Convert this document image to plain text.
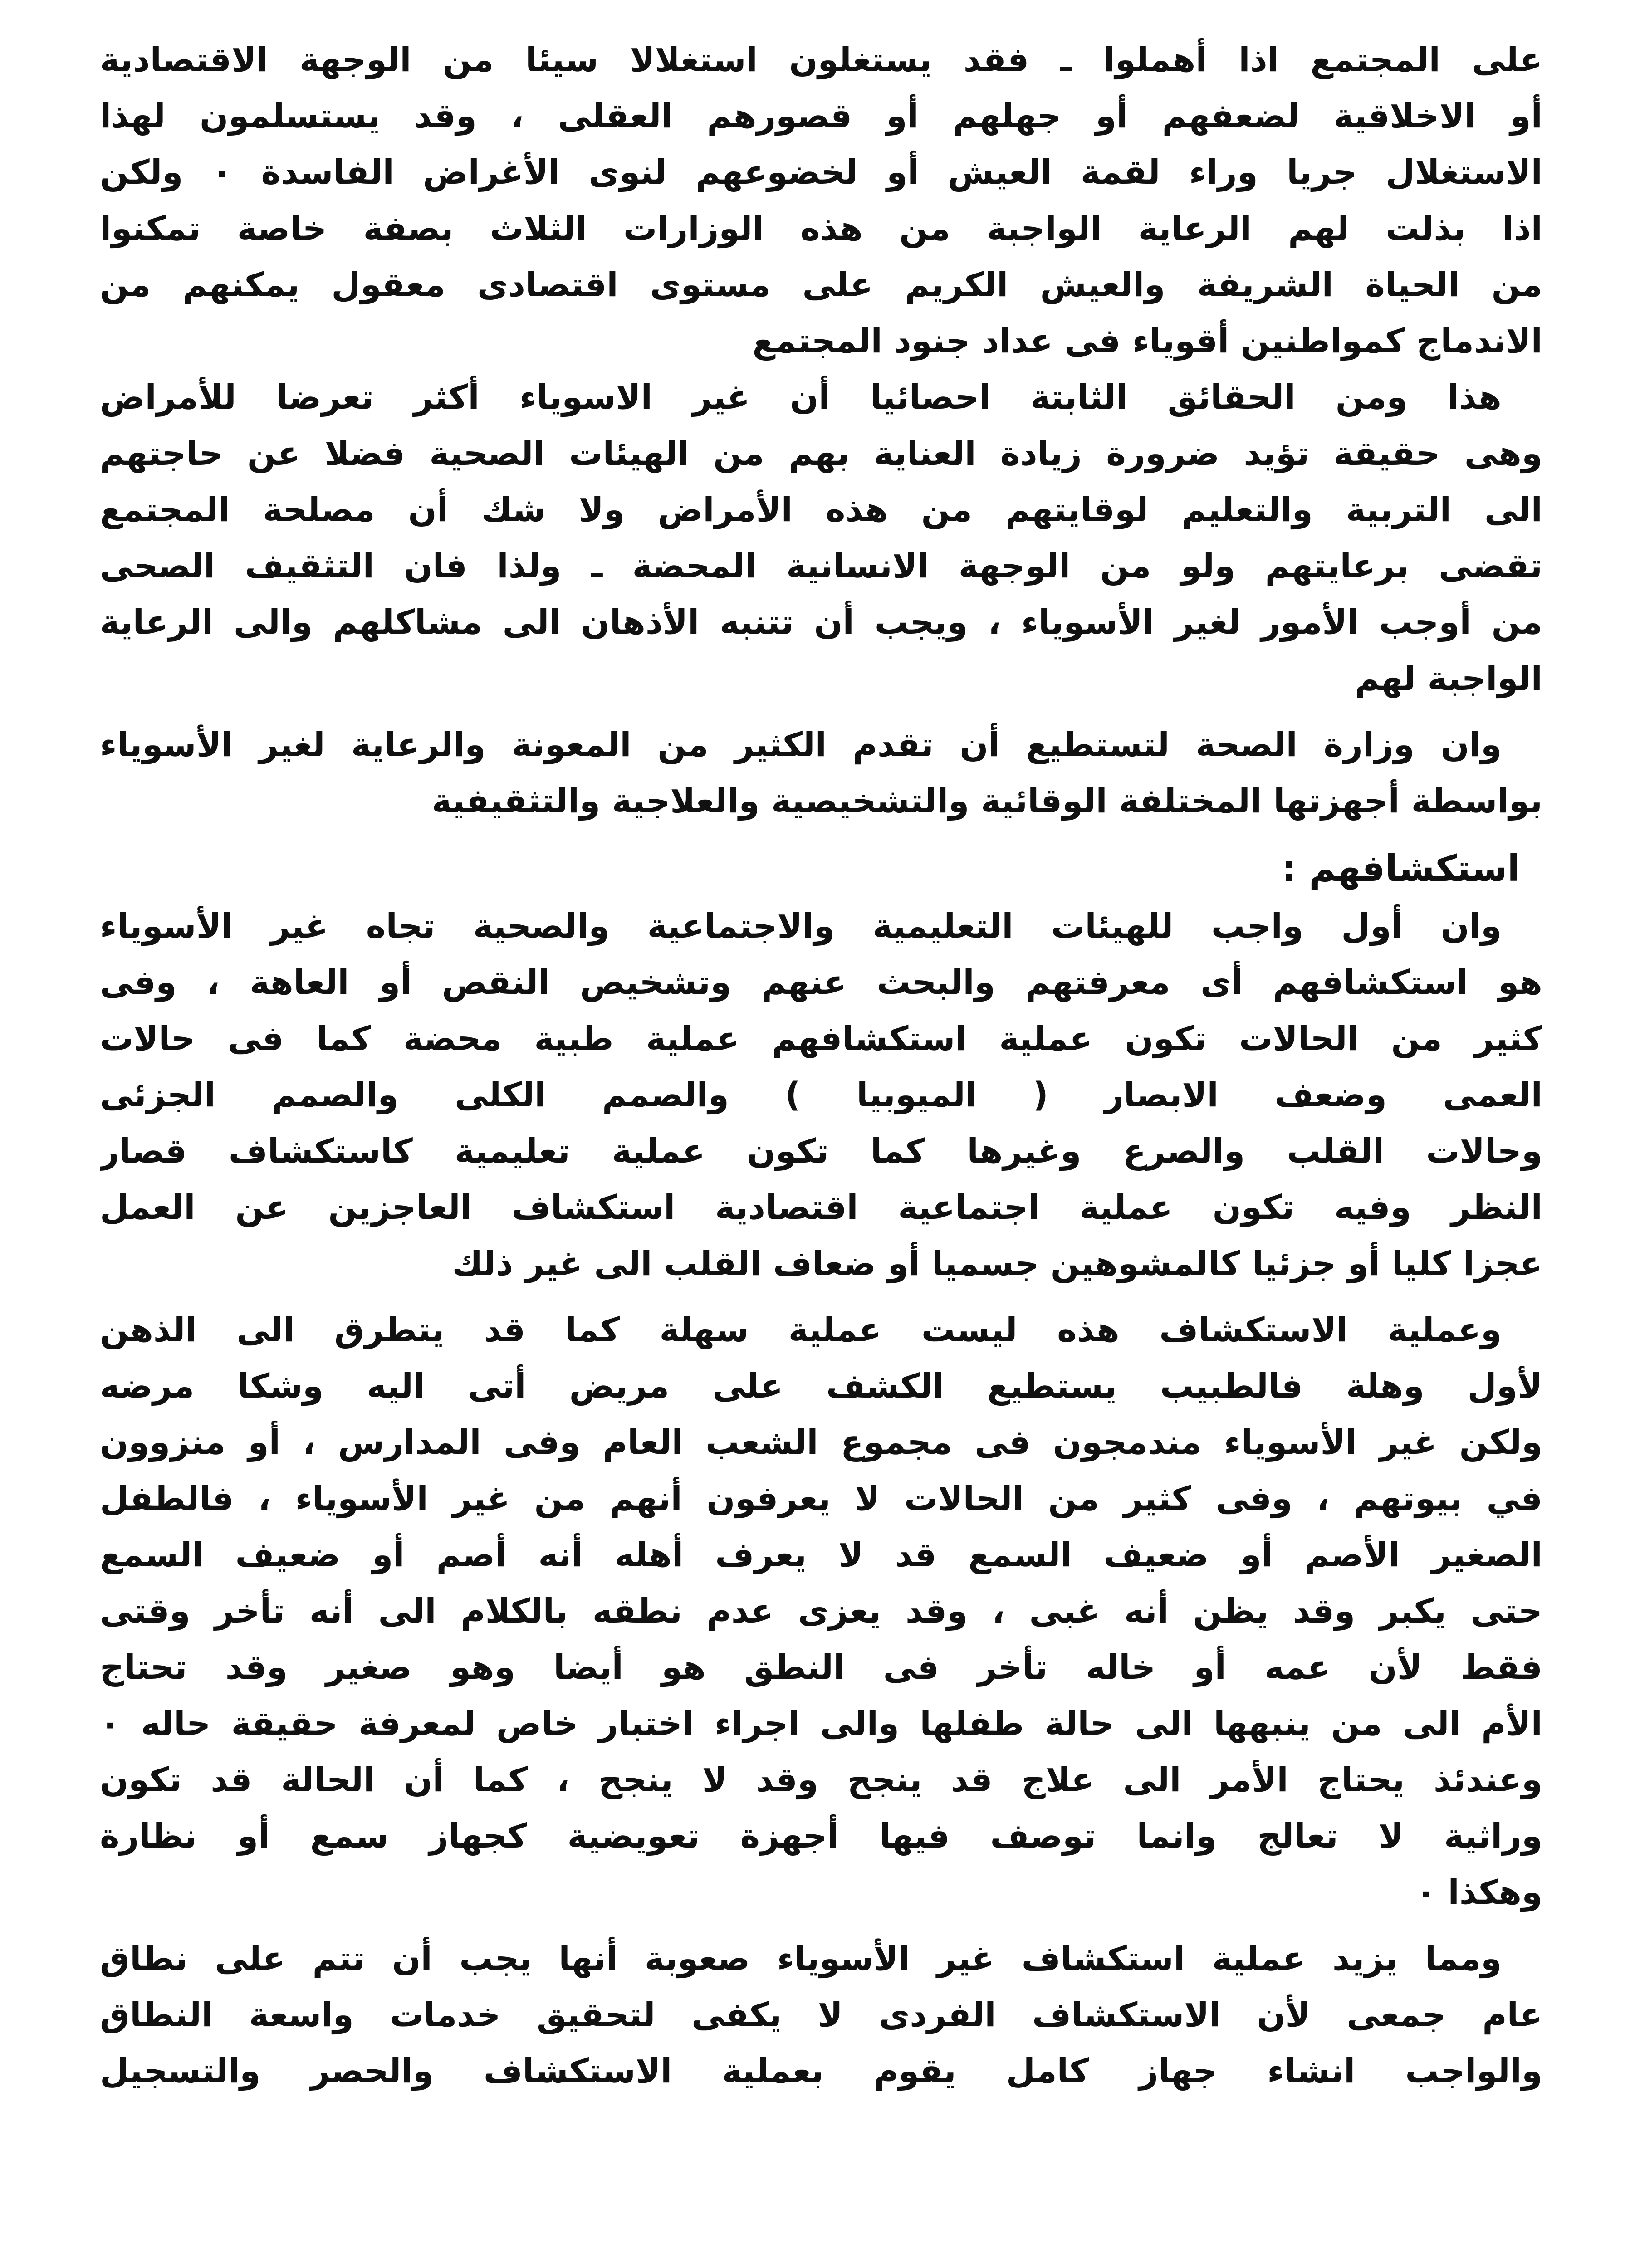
على المجتمع اذا أهملوا ـ فقد يستغلون استغلالا سيئا من الوجهة الاقتصادية
أو الاخلاقية لضعفهم أو جهلهم أو قصورهم العقلى ، وقد يستسلمون لهذا
الاستغلال جريا وراء لقمة العيش أو لخضوعهم لنوى الأغراض الفاسدة ٠ ولكن
اذا بذلت لهم الرعاية الواجبة من هذه الوزارات الثلاث بصفة خاصة تمكنوا
من الحياة الشريفة والعيش الكريم على مستوى اقتصادى معقول يمكنهم من
الاندماج كمواطنين أقوياء فى عداد جنود المجتمع
هذا ومن الحقائق الثابتة احصائيا أن غير الاسوياء أكثر تعرضا للأمراض
وهى حقيقة تؤيد ضرورة زيادة العناية بهم من الهيئات الصحية فضلا عن حاجتهم
الى التربية والتعليم لوقايتهم من هذه الأمراض ولا شك أن مصلحة المجتمع
تقضى برعايتهم ولو من الوجهة الانسانية المحضة ـ ولذا فان التثقيف الصحى
من أوجب الأمور لغير الأسوياء ، ويجب أن تتنبه الأذهان الى مشاكلهم والى الرعاية
الواجبة لهم
وان وزارة الصحة لتستطيع أن تقدم الكثير من المعونة والرعاية لغير الأسوياء
بواسطة أجهزتها المختلفة الوقائية والتشخيصية والعلاجية والتثقيفية
استكشافهم :
وان أول واجب للهيئات التعليمية والاجتماعية والصحية تجاه غير الأسوياء
هو استكشافهم أى معرفتهم والبحث عنهم وتشخيص النقص أو العاهة ، وفى
كثير من الحالات تكون عملية استكشافهم عملية طبية محضة كما فى حالات
العمى وضعف الابصار ( الميوبيا ) والصمم الكلى والصمم الجزئى
وحالات القلب والصرع وغيرها كما تكون عملية تعليمية كاستكشاف قصار
النظر وفيه تكون عملية اجتماعية اقتصادية استكشاف العاجزين عن العمل
عجزا كليا أو جزئيا كالمشوهين جسميا أو ضعاف القلب الى غير ذلك
وعملية الاستكشاف هذه ليست عملية سهلة كما قد يتطرق الى الذهن
لأول وهلة فالطبيب يستطيع الكشف على مريض أتى اليه وشكا مرضه
ولكن غير الأسوياء مندمجون فى مجموع الشعب العام وفى المدارس ، أو منزوون
في بيوتهم ، وفى كثير من الحالات لا يعرفون أنهم من غير الأسوياء ، فالطفل
الصغير الأصم أو ضعيف السمع قد لا يعرف أهله أنه أصم أو ضعيف السمع
حتى يكبر وقد يظن أنه غبى ، وقد يعزى عدم نطقه بالكلام الى أنه تأخر وقتى
فقط لأن عمه أو خاله تأخر فى النطق هو أيضا وهو صغير وقد تحتاج
الأم الى من ينبهها الى حالة طفلها والى اجراء اختبار خاص لمعرفة حقيقة حاله ٠
وعندئذ يحتاج الأمر الى علاج قد ينجح وقد لا ينجح ، كما أن الحالة قد تكون
وراثية لا تعالج وانما توصف فيها أجهزة تعويضية كجهاز سمع أو نظارة
وهكذا ٠
ومما يزيد عملية استكشاف غير الأسوياء صعوبة أنها يجب أن تتم على نطاق
عام جمعى لأن الاستكشاف الفردى لا يكفى لتحقيق خدمات واسعة النطاق
والواجب انشاء جهاز كامل يقوم بعملية الاستكشاف والحصر والتسجيل
